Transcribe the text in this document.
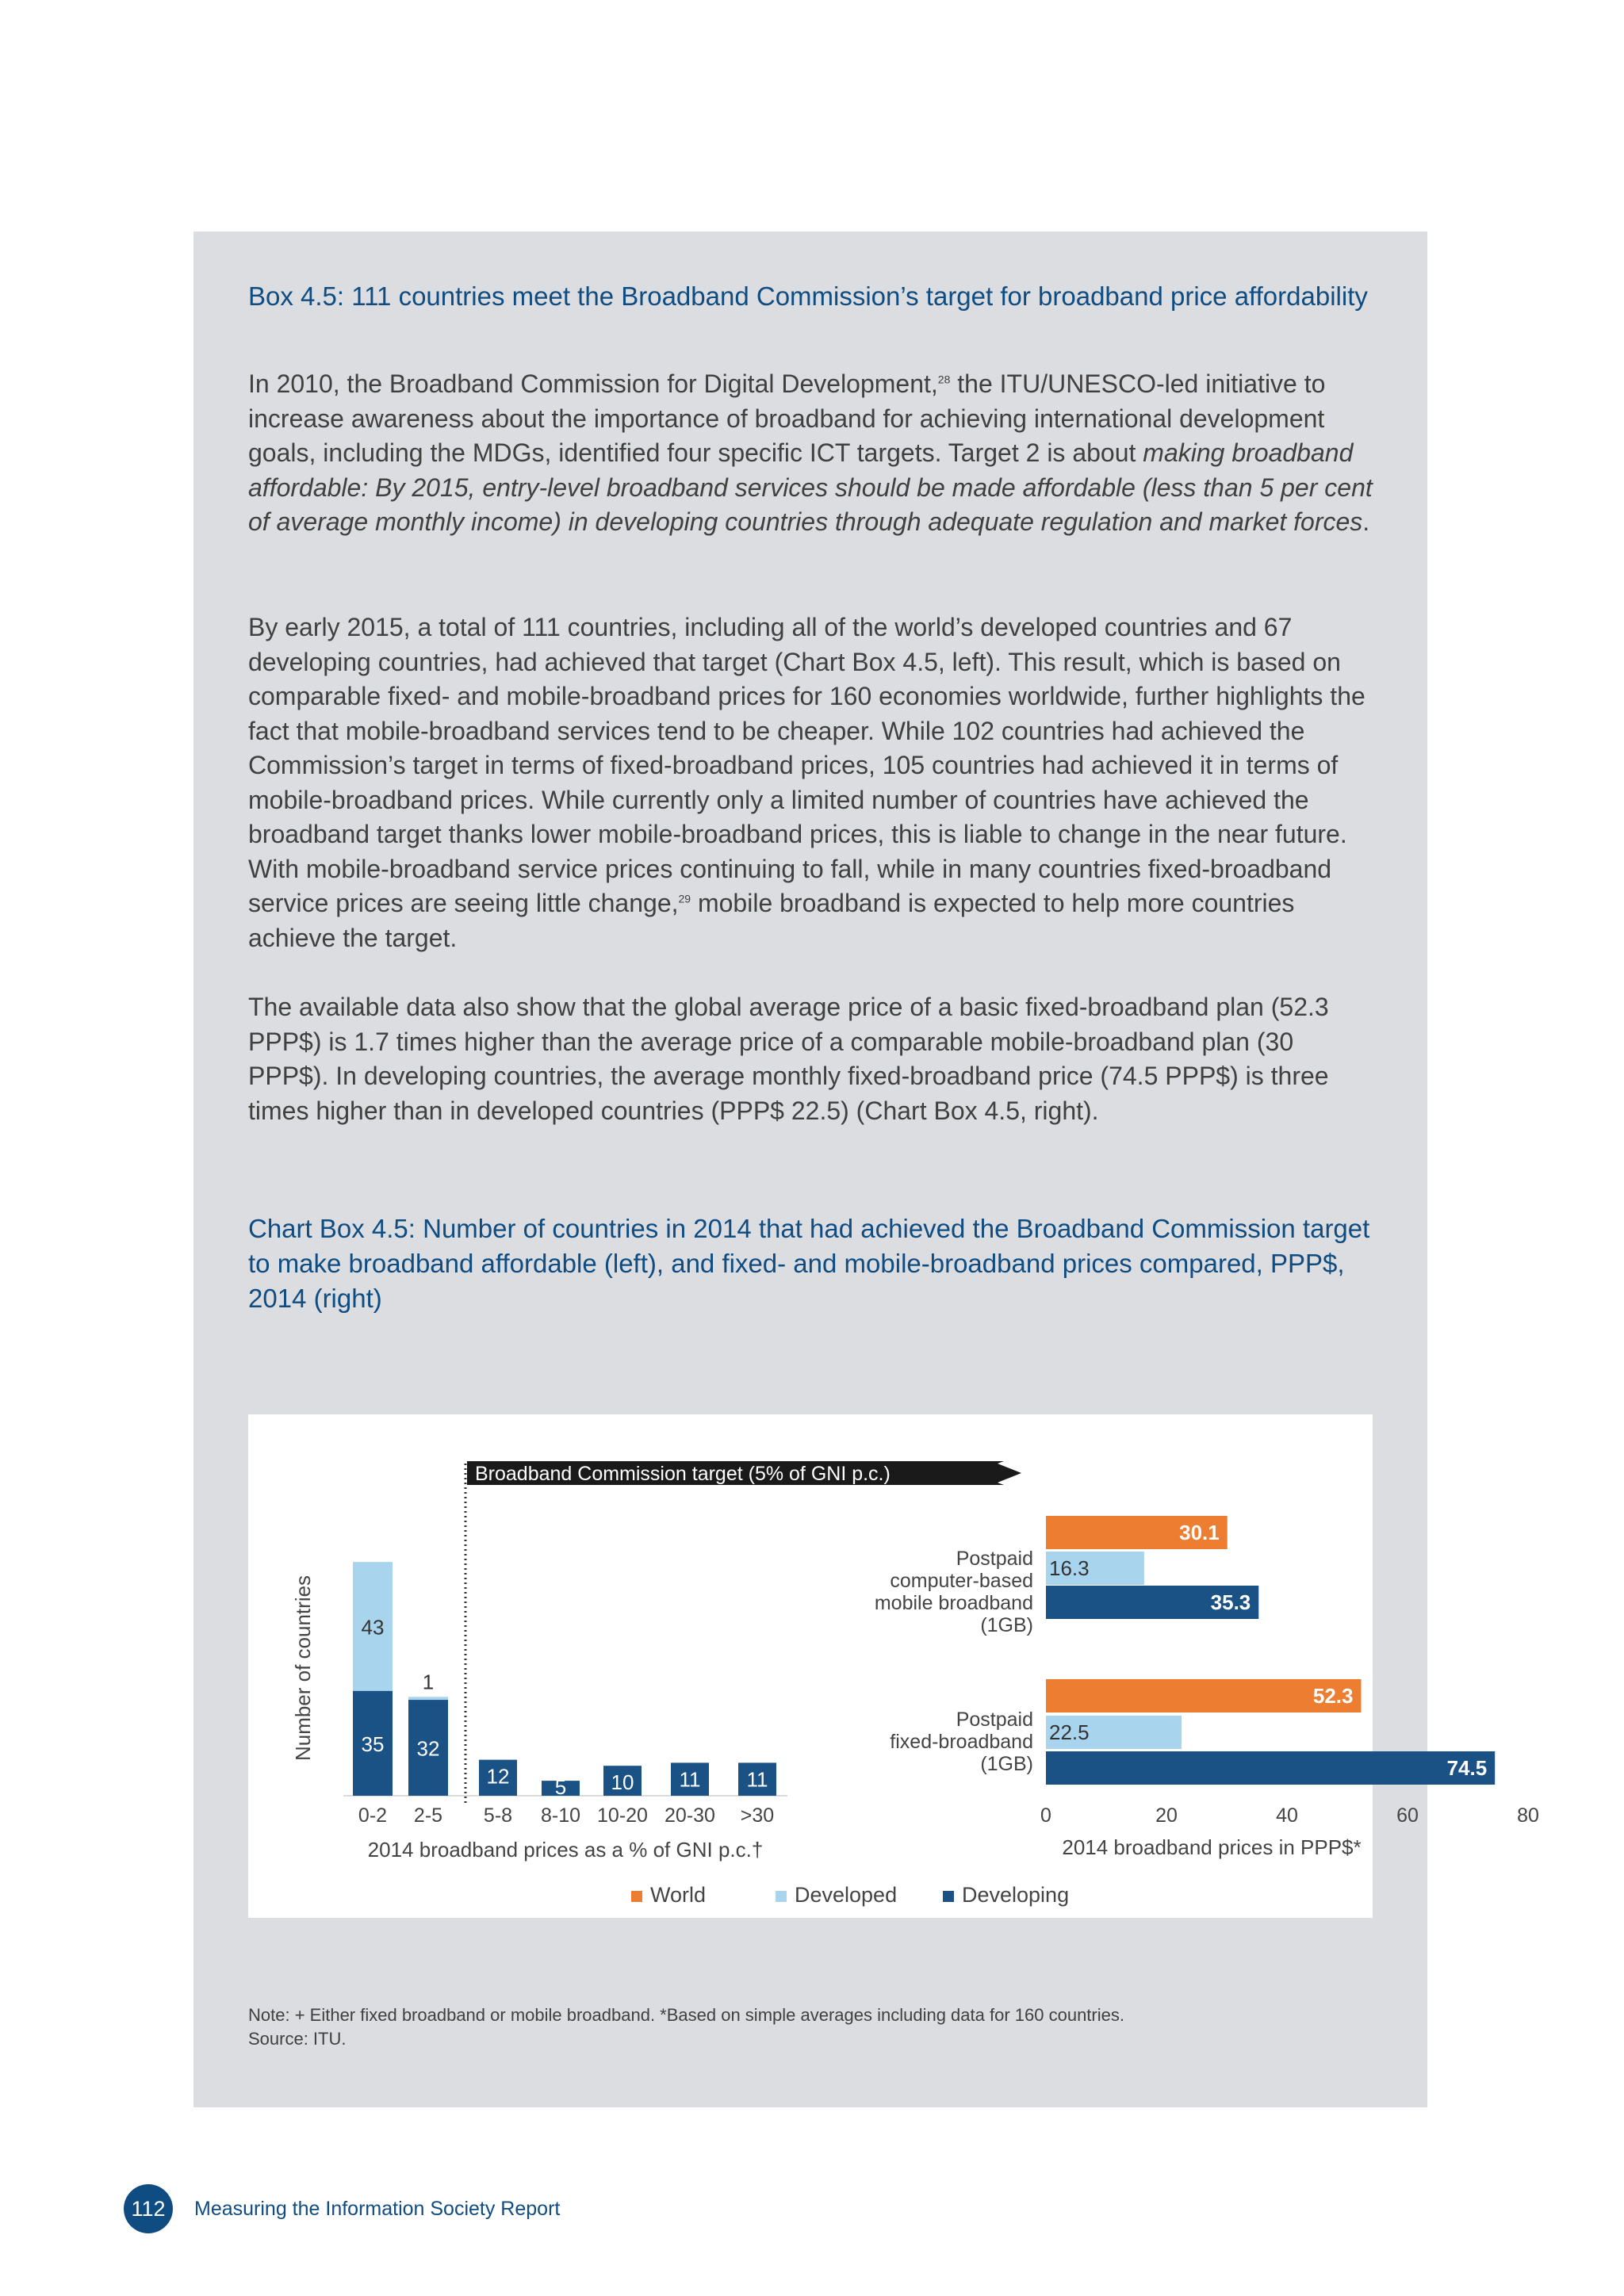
Box 4.5: 111 countries meet the Broadband Commission’s target for broadband price affordability

In 2010, the Broadband Commission for Digital Development,$^{28}$ the ITU/UNESCO-led initiative to increase awareness about the importance of broadband for achieving international development goals, including the MDGs, identified four specific ICT targets. Target 2 is about making broadband affordable: By 2015, entry-level broadband services should be made affordable (less than 5 per cent of average monthly income) in developing countries through adequate regulation and market forces.

By early 2015, a total of 111 countries, including all of the world’s developed countries and 67 developing countries, had achieved that target (Chart Box 4.5, left). This result, which is based on comparable fixed- and mobile-broadband prices for 160 economies worldwide, further highlights the fact that mobile-broadband services tend to be cheaper. While 102 countries had achieved the Commission’s target in terms of fixed-broadband prices, 105 countries had achieved it in terms of mobile-broadband prices. While currently only a limited number of countries have achieved the broadband target thanks lower mobile-broadband prices, this is liable to change in the near future. With mobile-broadband service prices continuing to fall, while in many countries fixed-broadband service prices are seeing little change,$^{29}$ mobile broadband is expected to help more countries achieve the target.

The available data also show that the global average price of a basic fixed-broadband plan (52.3 PPP$) is 1.7 times higher than the average price of a comparable mobile-broadband plan (30 PPP$). In developing countries, the average monthly fixed-broadband price (74.5 PPP$) is three times higher than in developed countries (PPP$ 22.5) (Chart Box 4.5, right).

Chart Box 4.5: Number of countries in 2014 that had achieved the Broadband Commission target to make broadband affordable (left), and fixed- and mobile-broadband prices compared, PPP$, 2014 (right)
35
43
0-2
32
1
2-5
12
5-8
5
8-10
10
10-20
11
20-30
11
>30
Broadband Commission target (5% of GNI p.c.)
Number of countries
2014 broadband prices as a % of GNI p.c.†
30.1
16.3
35.3
Postpaid
computer-based
mobile broadband
(1GB)
52.3
22.5
74.5
Postpaid
fixed-broadband
(1GB)
0	20	40	60	80
2014 broadband prices in PPP$*
World	Developed	Developing
Note: + Either fixed broadband or mobile broadband. *Based on simple averages including data for 160 countries.
Source: ITU.
112	Measuring the Information Society Report
